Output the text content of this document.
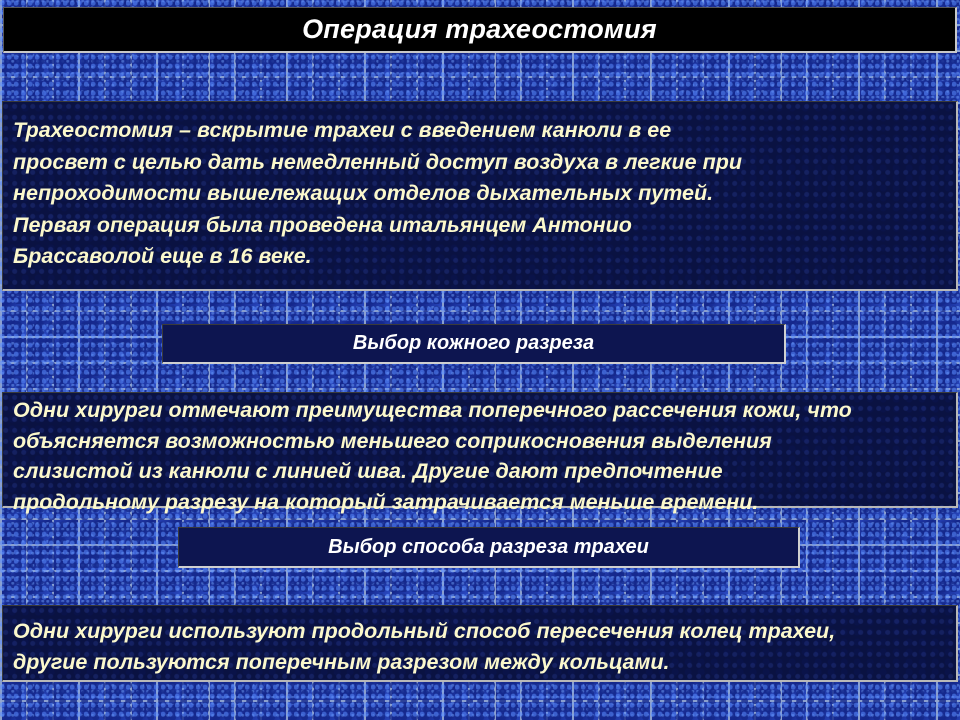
Операция трахеостомия

Трахеостомия – вскрытие трахеи с введением канюли в ее

просвет с целью дать немедленный доступ воздуха в легкие при

непроходимости вышележащих отделов дыхательных путей.

Первая операция была проведена итальянцем Антонио

Брассаволой еще в 16 веке.

Выбор кожного разреза

Одни хирурги отмечают преимущества поперечного рассечения кожи, что

объясняется возможностью меньшего соприкосновения выделения

слизистой из канюли с линией шва. Другие дают предпочтение

продольному разрезу на который затрачивается меньше времени.

Выбор способа разреза трахеи

Одни хирурги используют продольный способ пересечения колец трахеи,

другие пользуются поперечным разрезом между кольцами.
